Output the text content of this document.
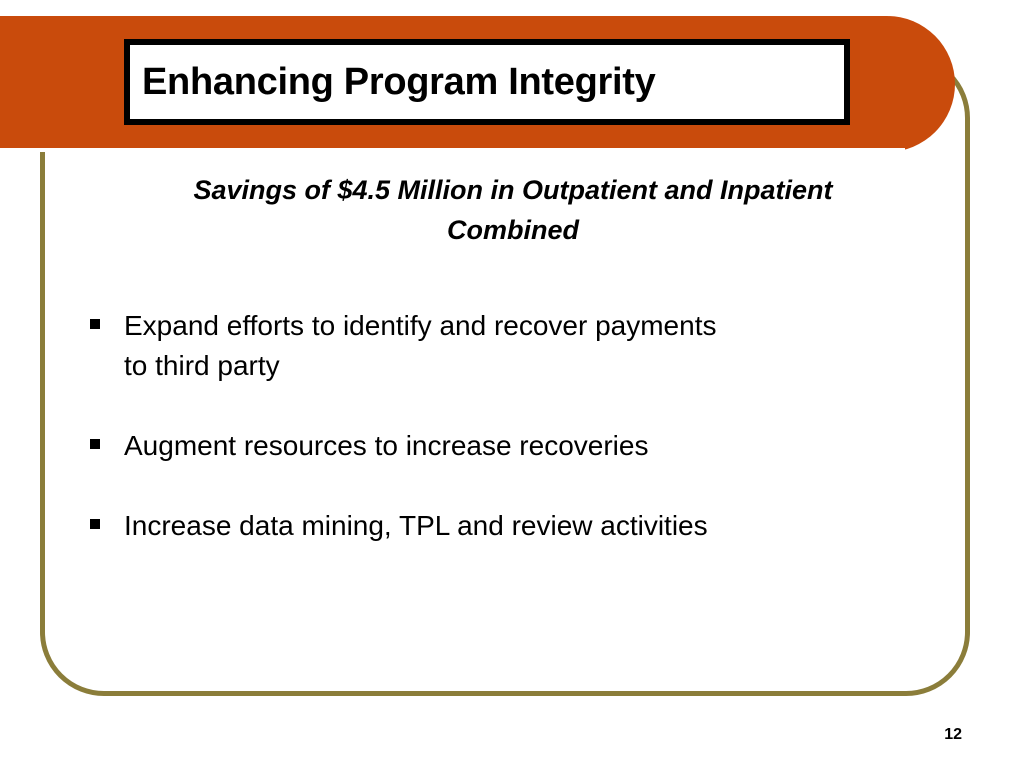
Enhancing Program Integrity
Savings of $4.5 Million in Outpatient and Inpatient
Combined
Expand efforts to identify and recover payments
to third party
Augment resources to increase recoveries
Increase data mining, TPL and review activities
12
